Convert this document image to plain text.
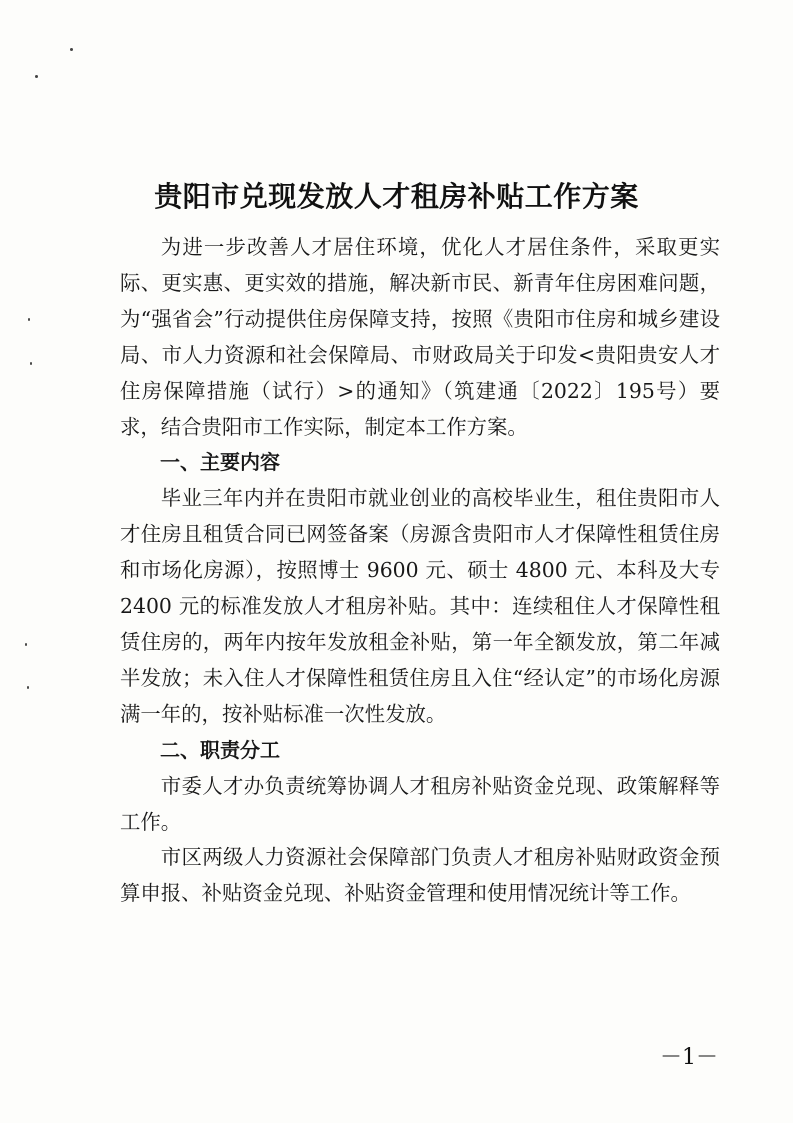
贵阳市兑现发放人才租房补贴工作方案

为进一步改善人才居住环境，优化人才居住条件，采取更实际、更实惠、更实效的措施，解决新市民、新青年住房困难问题，为“强省会”行动提供住房保障支持，按照《贵阳市住房和城乡建设局、市人力资源和社会保障局、市财政局关于印发<贵阳贵安人才住房保障措施（试行）>的通知》（筑建通〔2022〕195号）要求，结合贵阳市工作实际，制定本工作方案。

一、主要内容

毕业三年内并在贵阳市就业创业的高校毕业生，租住贵阳市人才住房且租赁合同已网签备案（房源含贵阳市人才保障性租赁住房和市场化房源），按照博士 9600 元、硕士 4800 元、本科及大专 2400 元的标准发放人才租房补贴。其中：连续租住人才保障性租赁住房的，两年内按年发放租金补贴，第一年全额发放，第二年减半发放；未入住人才保障性租赁住房且入住“经认定”的市场化房源满一年的，按补贴标准一次性发放。

二、职责分工

市委人才办负责统筹协调人才租房补贴资金兑现、政策解释等工作。

市区两级人力资源社会保障部门负责人才租房补贴财政资金预算申报、补贴资金兑现、补贴资金管理和使用情况统计等工作。

－1－
